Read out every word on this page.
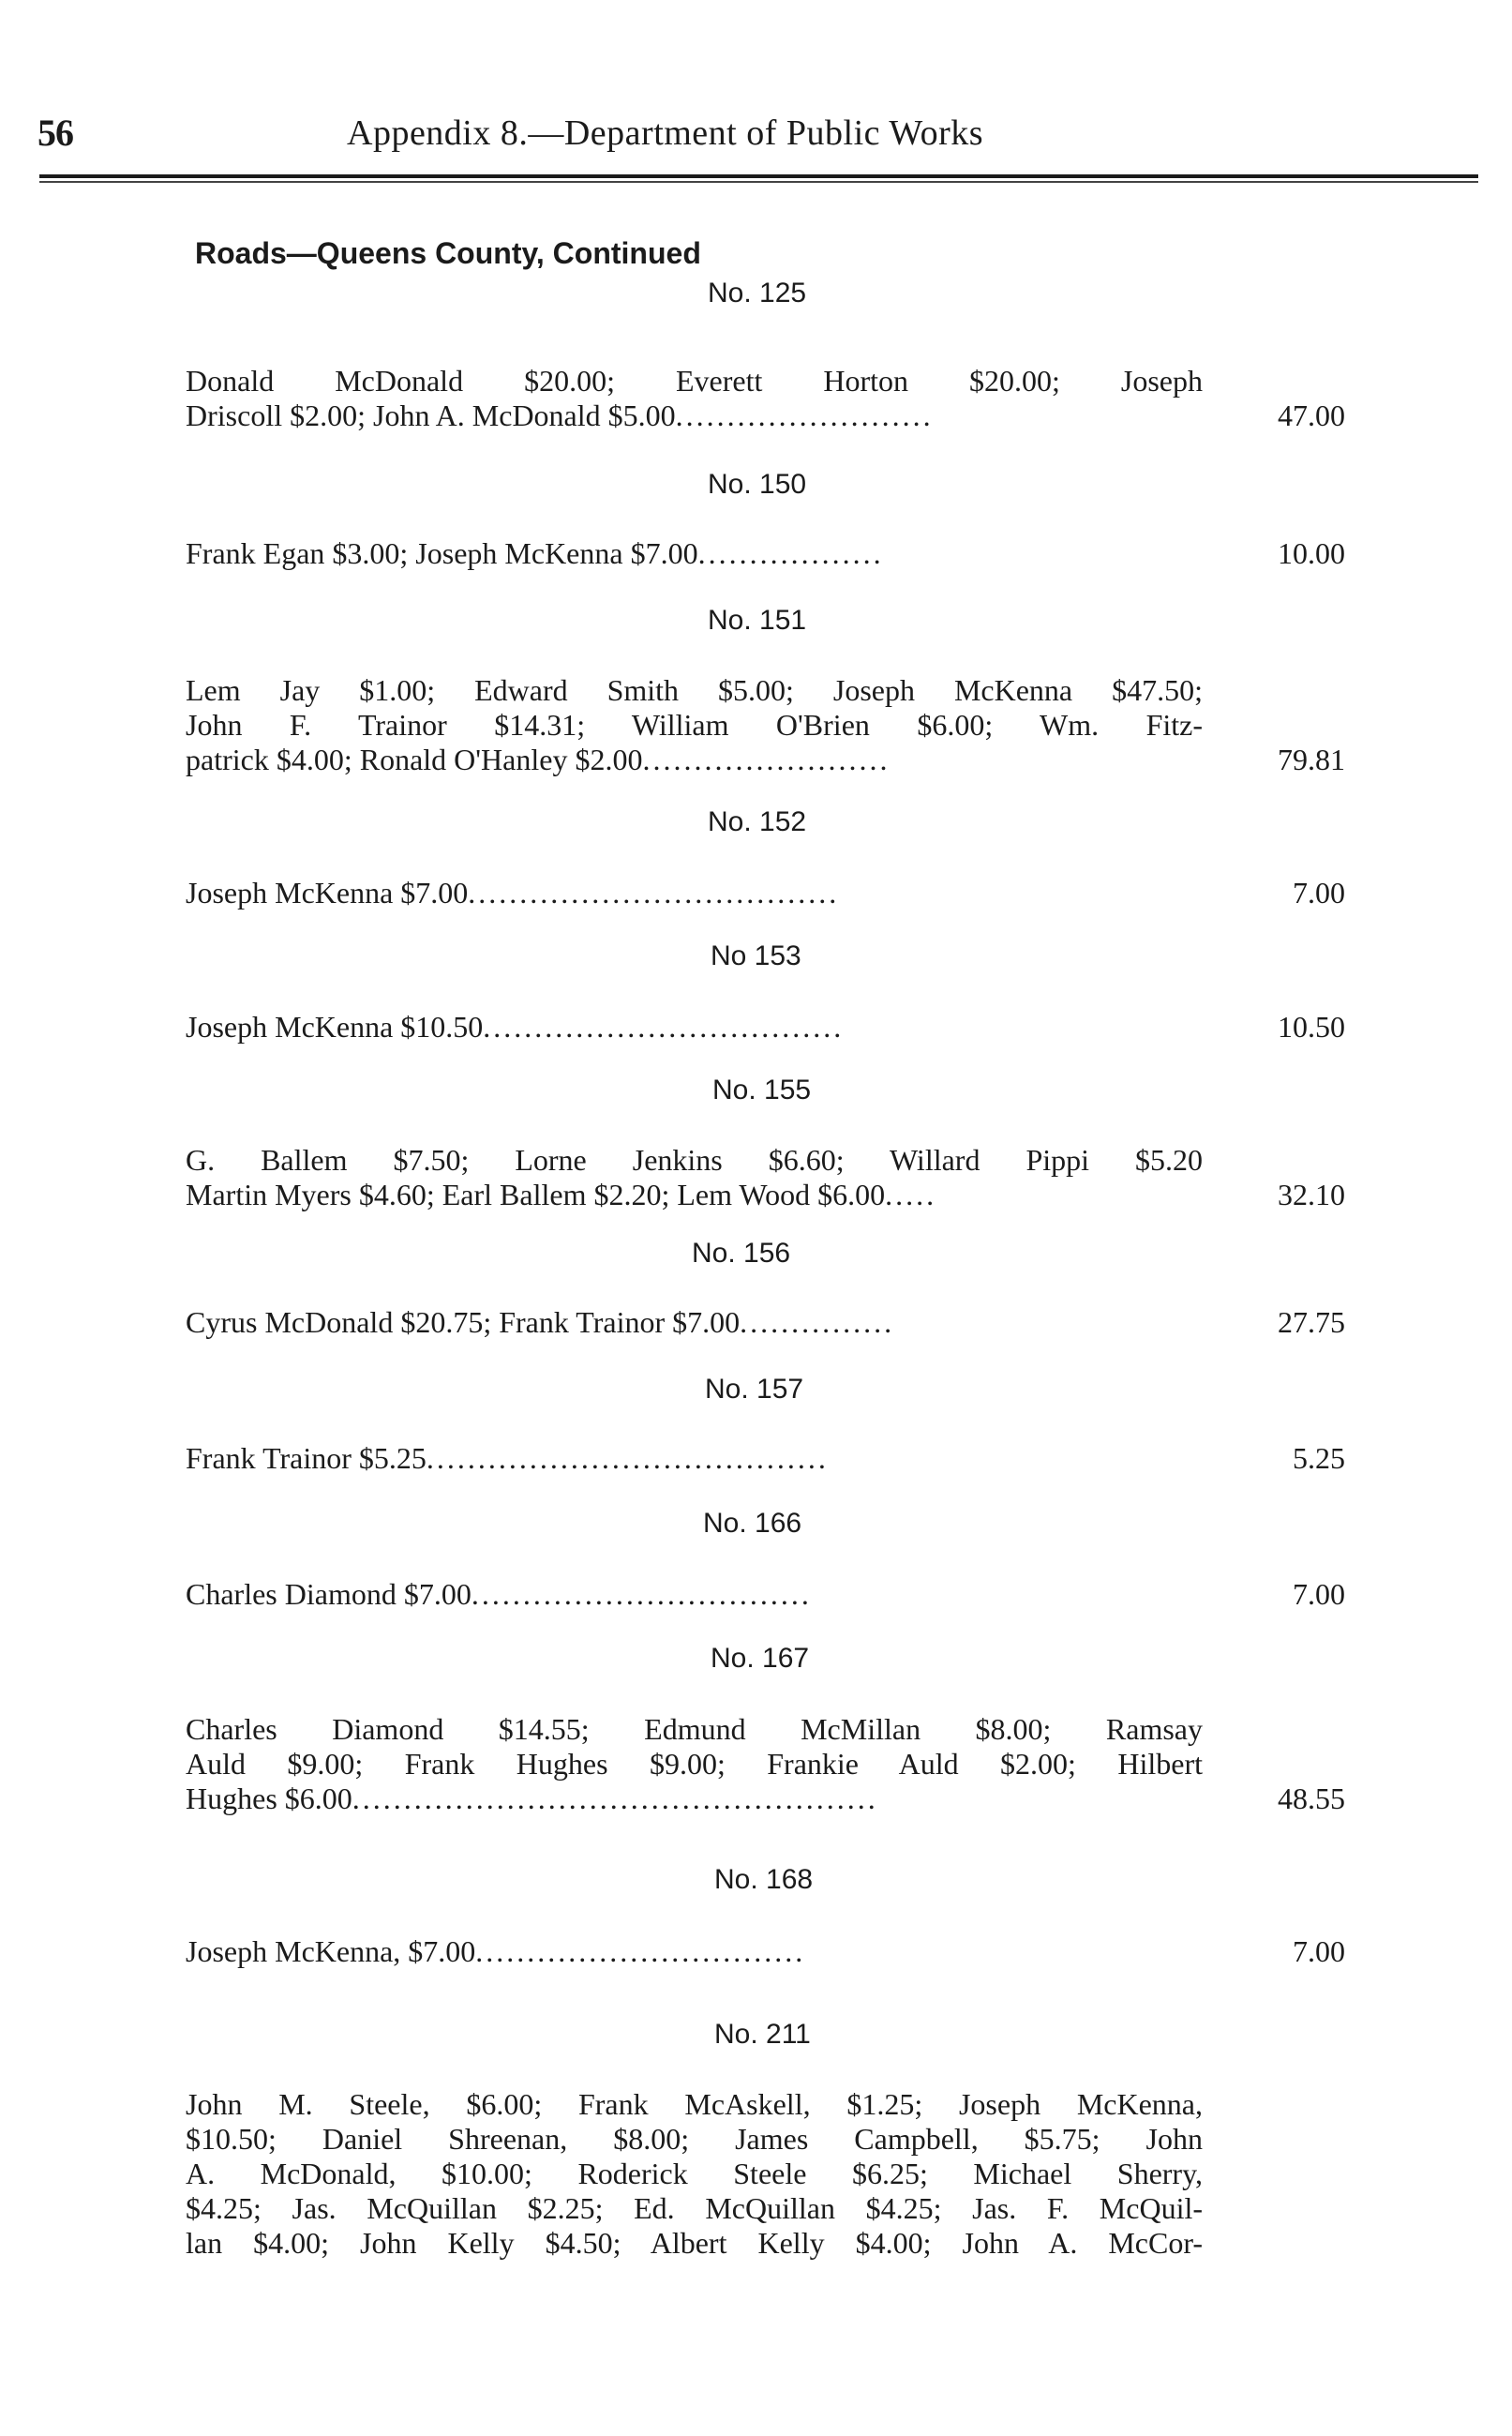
56	Appendix 8.—Department of Public Works
Roads—Queens County, Continued
No. 125
Donald McDonald $20.00; Everett Horton $20.00; Joseph
Driscoll $2.00; John A. McDonald $5.00.........................	47.00
No. 150
Frank Egan $3.00; Joseph McKenna $7.00..................	10.00
No. 151
Lem Jay $1.00; Edward Smith $5.00; Joseph McKenna $47.50;
John F. Trainor $14.31; William O'Brien $6.00; Wm. Fitz-
patrick $4.00; Ronald O'Hanley $2.00........................	79.81
No. 152
Joseph McKenna $7.00....................................	7.00
No 153
Joseph McKenna $10.50...................................	10.50
No. 155
G. Ballem $7.50; Lorne Jenkins $6.60; Willard Pippi $5.20
Martin Myers $4.60; Earl Ballem $2.20; Lem Wood $6.00.....	32.10
No. 156
Cyrus McDonald $20.75; Frank Trainor $7.00...............	27.75
No. 157
Frank Trainor $5.25.......................................	5.25
No. 166
Charles Diamond $7.00.................................	7.00
No. 167
Charles Diamond $14.55; Edmund McMillan $8.00; Ramsay
Auld $9.00; Frank Hughes $9.00; Frankie Auld $2.00; Hilbert
Hughes $6.00...................................................	48.55
No. 168
Joseph McKenna, $7.00................................	7.00
No. 211
John M. Steele, $6.00; Frank McAskell, $1.25; Joseph McKenna,
$10.50; Daniel Shreenan, $8.00; James Campbell, $5.75; John
A. McDonald, $10.00; Roderick Steele $6.25; Michael Sherry,
$4.25; Jas. McQuillan $2.25; Ed. McQuillan $4.25; Jas. F. McQuil-
lan $4.00; John Kelly $4.50; Albert Kelly $4.00; John A. McCor-
